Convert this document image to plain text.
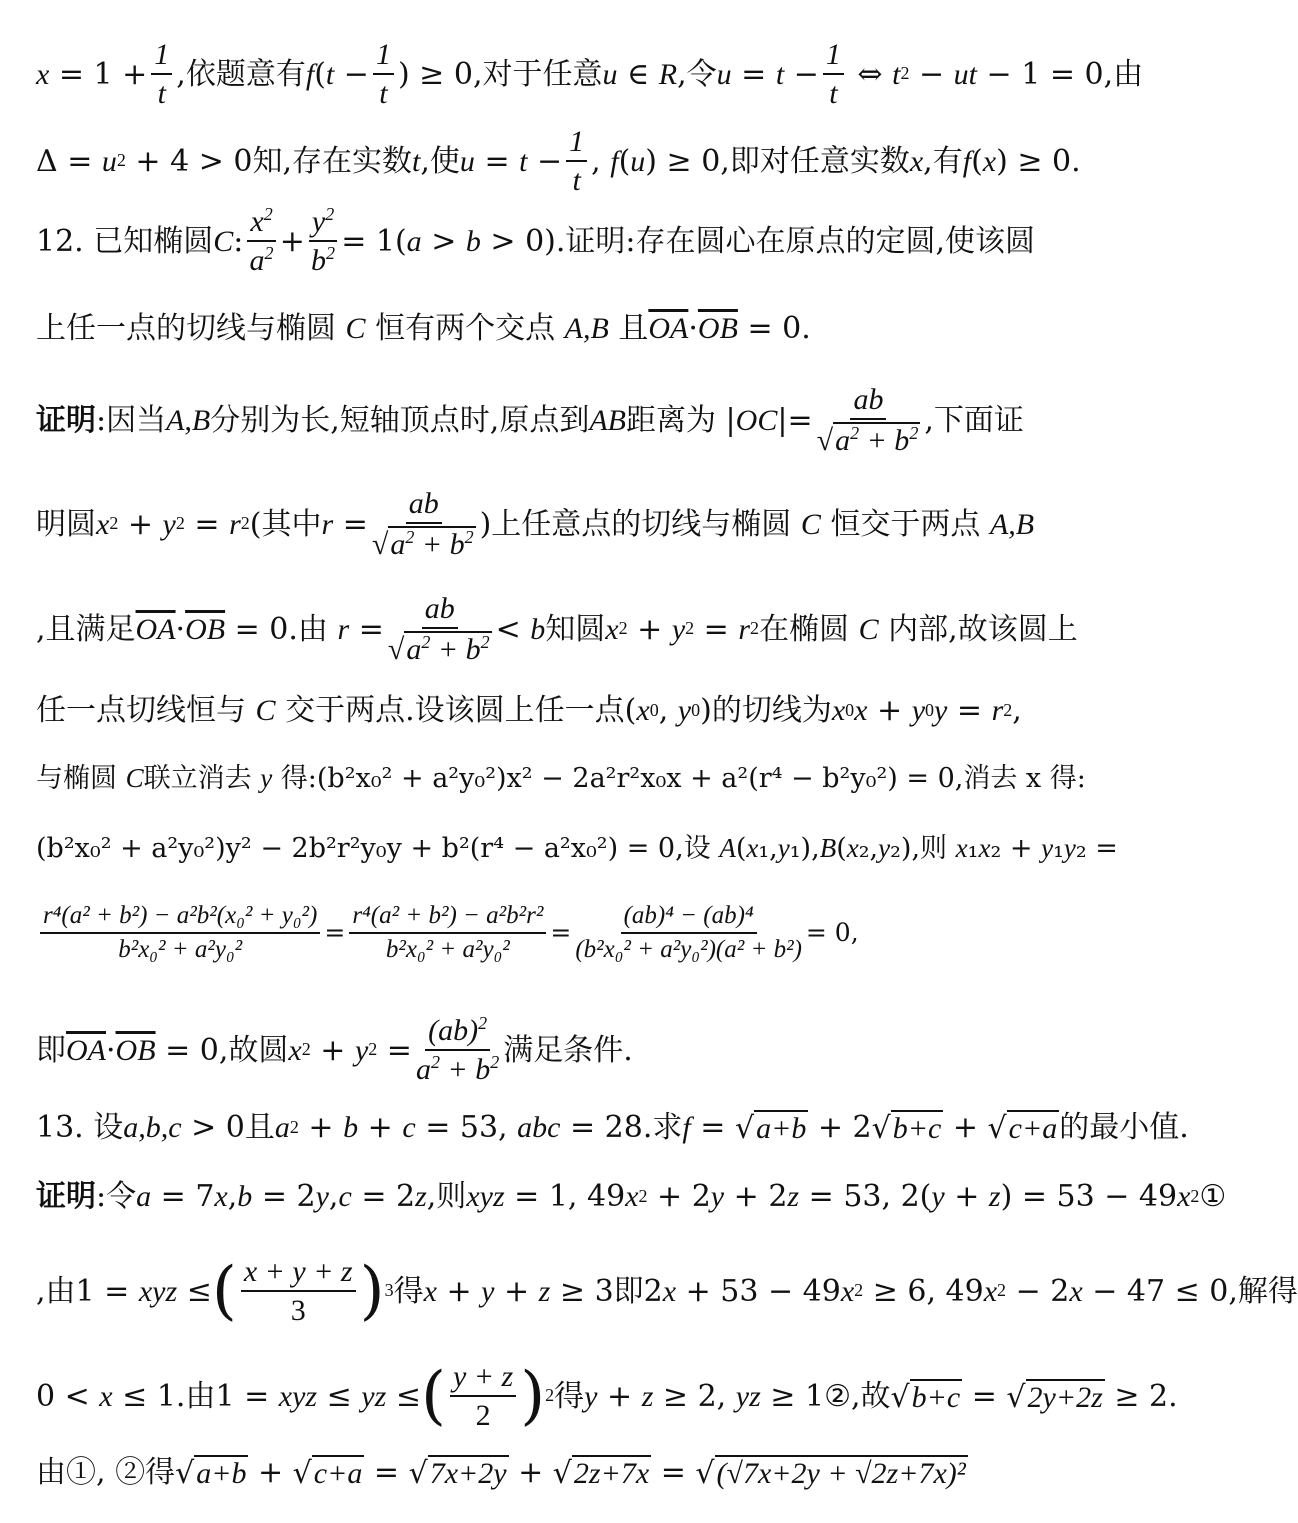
$x = 1 + \frac{1}{t}$ ,依题意有 f ( $t - \frac{1}{t}$ ) ≥ 0 ,对于任意 u ∈ R ,令 $u = t - \frac{1}{t}$ ⇔ t 2 − ut − 1 = 0 ,由
Δ = u 2 + 4 > 0 知,存在实数 t ,使 $u = t - \frac{1}{t}$ , f ( u ) ≥ 0 ,即对任意实数 x ,有 f ( x ) ≥ 0.
12.
已知椭圆 C : $\frac{x^2}{a^2} + \frac{y^2}{b^2} = 1$( a > b > 0) .证明:存在圆心在原点的定圆,使该圆
上任一点的切线与椭圆
C
恒有两个交点
A,B
且 $\overline{OA} \cdot \overline{OB} = 0$.
证明 :因当 A,B 分别为长,短轴顶点时,原点到 AB 距离为 | OC |= $\frac{ab}{√ a^2 + b^2}$ ,下面证
明圆 x 2 + y 2 = r 2 (其中 $r = \frac{ab}{√ a^2 + b^2}$ )上任意点的切线与椭圆
C
恒交于两点
A,B
,且满足 $\overline{OA} \cdot \overline{OB} = 0$ .由
$r = \frac{ab}{√ a^2 + b^2} < b$ 知圆 x 2 + y 2 = r 2 在椭圆
C
内部,故该圆上
任一点切线恒与
C
交于两点.设该圆上任一点 ( x 0 , y 0 ) 的切线为 x 0 x + y 0 y = r 2 ,
与椭圆
C 联立消去
y
得: (b²x₀² + a²y₀²)x² − 2a²r²x₀x + a²(r⁴ − b²y₀²) = 0 ,消去 x 得:
(b²x₀² + a²y₀²)y² − 2b²r²y₀y + b²(r⁴ − a²x₀²) = 0 ,设
A ( x ₁, y ₁), B ( x ₂, y ₂) ,则
x ₁ x ₂ + y ₁ y ₂ =
$\frac{\text{r⁴(a² + b²) − a²b²(x₀² + y₀²)}}{\text{b²x₀² + a²y₀²}} = \frac{\text{r⁴(a² + b²) − a²b²r²}}{\text{b²x₀² + a²y₀²}} = \frac{\text{(ab)⁴ − (ab)⁴}}{\text{(b²x₀² + a²y₀²)(a² + b²)}} = 0$,
即 $\overline{OA} \cdot \overline{OB} = 0$ ,故圆 x 2 + y $2 = \frac{(ab)^2}{a^2 + b^2}$ 满足条件.
13.
设 a,b,c > 0 且 a 2 + b + c = 53, abc = 28 .求 f = √ a+b + 2 √ b+c + √ c+a 的最小值.
证明 :令 a = 7 x , b = 2 y , c = 2 z ,则 xyz = 1, 49 x 2 + 2 y + 2 z = 53, 2( y + z ) = 53 − 49 x 2 ①
,由 1 = xyz ≤ ( $\frac{x + y + z}{3}$ ) 3 得 x + y + z ≥ 3 即 2 x + 53 − 49 x 2 ≥ 6, 49 x 2 − 2 x − 47 ≤ 0 ,解得
0 < x ≤ 1. 由 1 = xyz ≤ yz ≤ ( $\frac{y + z}{2}$ ) 2 得 y + z ≥ 2, yz ≥ 1 ② ,故 √ b+c = √ 2y+2z ≥ 2.
由①, ②得 √ a+b + √ c+a = √ 7x+2y + √ 2z+7x = √ (√7x+2y + √2z+7x)²
